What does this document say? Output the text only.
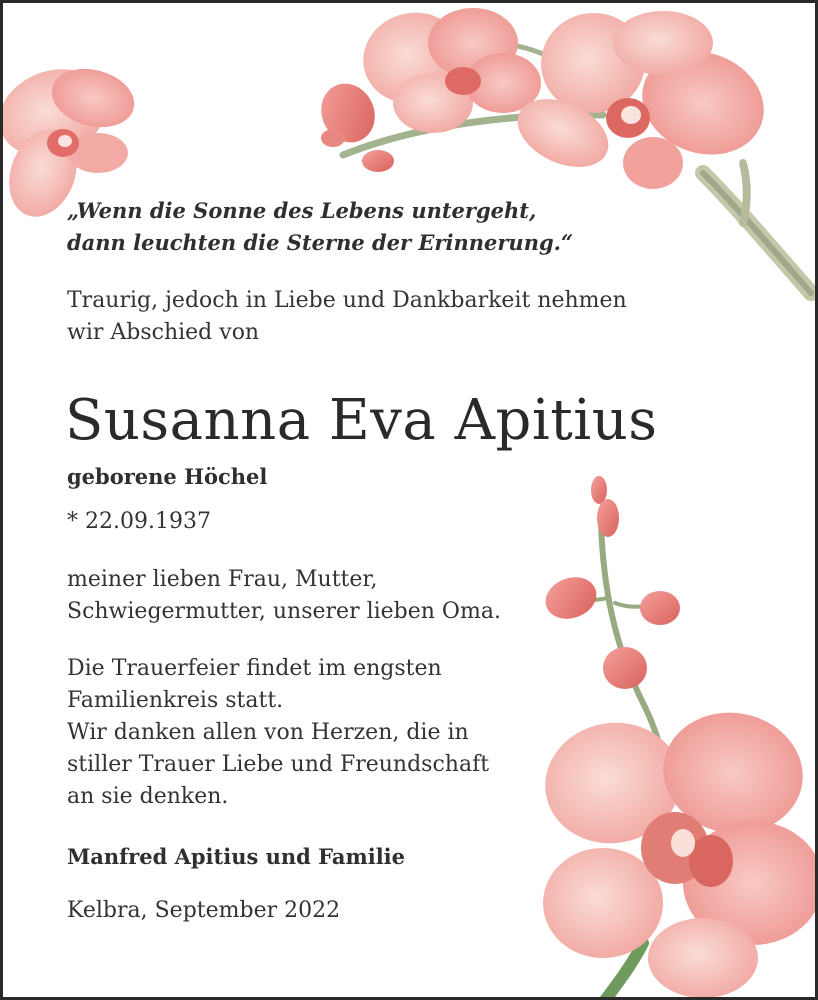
„Wenn die Sonne des Lebens untergeht,
dann leuchten die Sterne der Erinnerung.“

Traurig, jedoch in Liebe und Dankbarkeit nehmen
wir Abschied von

Susanna Eva Apitius

geborene Höchel

* 22.09.1937

meiner lieben Frau, Mutter,
Schwiegermutter, unserer lieben Oma.

Die Trauerfeier findet im engsten
Familienkreis statt.
Wir danken allen von Herzen, die in
stiller Trauer Liebe und Freundschaft
an sie denken.

Manfred Apitius und Familie

Kelbra, September 2022
